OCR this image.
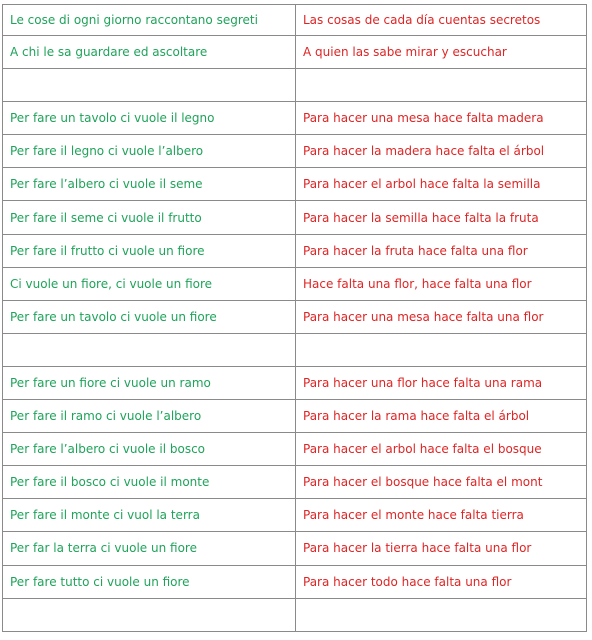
Le cose di ogni giorno raccontano segreti	Las cosas de cada día cuentas secretos
A chi le sa guardare ed ascoltare	A quien las sabe mirar y escuchar

Per fare un tavolo ci vuole il legno	Para hacer una mesa hace falta madera
Per fare il legno ci vuole l’albero	Para hacer la madera hace falta el árbol
Per fare l’albero ci vuole il seme	Para hacer el arbol hace falta la semilla
Per fare il seme ci vuole il frutto	Para hacer la semilla hace falta la fruta
Per fare il frutto ci vuole un fiore	Para hacer la fruta hace falta una flor
Ci vuole un fiore, ci vuole un fiore	Hace falta una flor, hace falta una flor
Per fare un tavolo ci vuole un fiore	Para hacer una mesa hace falta una flor

Per fare un fiore ci vuole un ramo	Para hacer una flor hace falta una rama
Per fare il ramo ci vuole l’albero	Para hacer la rama hace falta el árbol
Per fare l’albero ci vuole il bosco	Para hacer el arbol hace falta el bosque
Per fare il bosco ci vuole il monte	Para hacer el bosque hace falta el mont
Per fare il monte ci vuol la terra	Para hacer el monte hace falta tierra
Per far la terra ci vuole un fiore	Para hacer la tierra hace falta una flor
Per fare tutto ci vuole un fiore	Para hacer todo hace falta una flor
